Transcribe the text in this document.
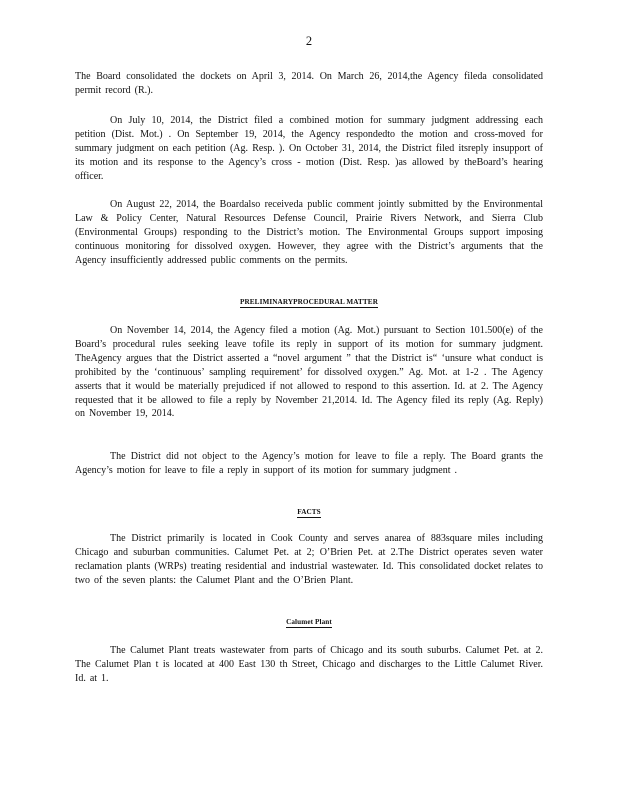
2
The Board consolidated the dockets on April 3, 2014. On March 26, 2014,the Agency fileda consolidated permit record (R.).
On July 10, 2014, the District filed a combined motion for summary judgment addressing each petition (Dist. Mot.) . On September 19, 2014, the Agency respondedto the motion and cross-moved for summary judgment on each petition (Ag. Resp. ). On October 31, 2014, the District filed itsreply insupport of its motion and its response to the Agency’s cross - motion (Dist. Resp. )as allowed by theBoard’s hearing officer.
On August 22, 2014, the Boardalso receiveda public comment jointly submitted by the Environmental Law & Policy Center, Natural Resources Defense Council, Prairie Rivers Network, and Sierra Club (Environmental Groups) responding to the District’s motion. The Environmental Groups support imposing continuous monitoring for dissolved oxygen. However, they agree with the District’s arguments that the Agency insufficiently addressed public comments on the permits.
PRELIMINARYPROCEDURAL MATTER
On November 14, 2014, the Agency filed a motion (Ag. Mot.) pursuant to Section 101.500(e) of the Board’s procedural rules seeking leave tofile its reply in support of its motion for summary judgment. TheAgency argues that the District asserted a “novel argument ” that the District is“ ‘unsure what conduct is prohibited by the ‘continuous’ sampling requirement’ for dissolved oxygen.” Ag. Mot. at 1-2 . The Agency asserts that it would be materially prejudiced if not allowed to respond to this assertion. Id. at 2. The Agency requested that it be allowed to file a reply by November 21,2014. Id. The Agency filed its reply (Ag. Reply) on November 19, 2014.
The District did not object to the Agency’s motion for leave to file a reply. The Board grants the Agency’s motion for leave to file a reply in support of its motion for summary judgment .
FACTS
The District primarily is located in Cook County and serves anarea of 883square miles including Chicago and suburban communities. Calumet Pet. at 2; O’Brien Pet. at 2.The District operates seven water reclamation plants (WRPs) treating residential and industrial wastewater. Id. This consolidated docket relates to two of the seven plants: the Calumet Plant and the O’Brien Plant.
Calumet Plant
The Calumet Plant treats wastewater from parts of Chicago and its south suburbs. Calumet Pet. at 2. The Calumet Plan t is located at 400 East 130 th Street, Chicago and discharges to the Little Calumet River. Id. at 1.
